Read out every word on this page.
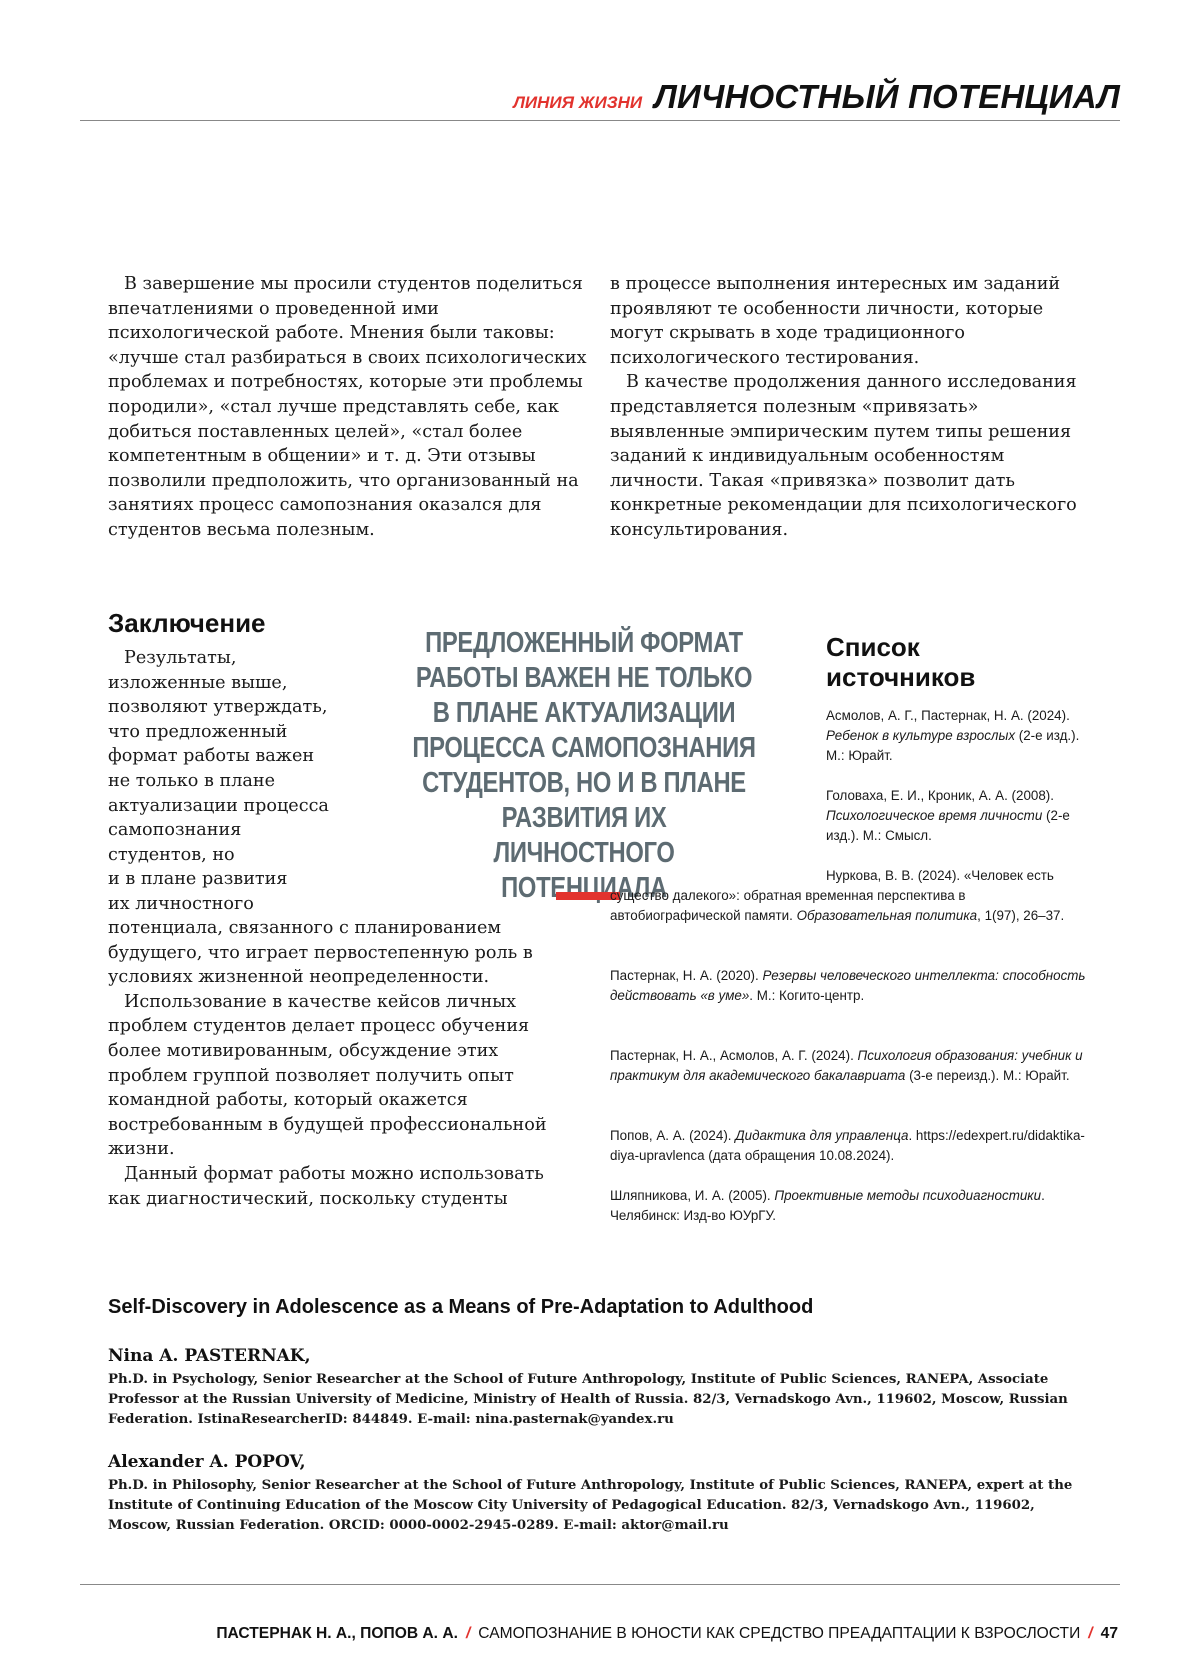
ЛИНИЯ ЖИЗНИ ЛИЧНОСТНЫЙ ПОТЕНЦИАЛ

В завершение мы просили студентов поделиться впечатлениями о проведенной ими психологической работе. Мнения были таковы: «лучше стал разбираться в своих психологических проблемах и потребностях, которые эти проблемы породили», «стал лучше представлять себе, как добиться поставленных целей», «стал более компетентным в общении» и т. д. Эти отзывы позволили предположить, что организованный на занятиях процесс самопознания оказался для студентов весьма полезным.

Заключение
Результаты,
изложенные выше,
позволяют утверждать,
что предложенный
формат работы важен
не только в плане
актуализации процесса
самопознания
студентов, но
и в плане развития
их личностного

потенциала, связанного с планированием будущего, что играет первостепенную роль в условиях жизненной неопределенности.

Использование в качестве кейсов личных проблем студентов делает процесс обучения более мотивированным, обсуждение этих проблем группой позволяет получить опыт командной работы, который окажется востребованным в будущей профессиональной жизни.

Данный формат работы можно использовать как диагностический, поскольку студенты

в процессе выполнения интересных им заданий проявляют те особенности личности, которые могут скрывать в ходе традиционного психологического тестирования.

В качестве продолжения данного исследования представляется полезным «привязать» выявленные эмпирическим путем типы решения заданий к индивидуальным особенностям личности. Такая «привязка» позволит дать конкретные рекомендации для психологического консультирования.

ПРЕДЛОЖЕННЫЙ ФОРМАТ РАБОТЫ ВАЖЕН НЕ ТОЛЬКО В ПЛАНЕ АКТУАЛИЗАЦИИ ПРОЦЕССА САМОПОЗНАНИЯ СТУДЕНТОВ, НО И В ПЛАНЕ РАЗВИТИЯ ИХ ЛИЧНОСТНОГО ПОТЕНЦИАЛА
Список источников
Асмолов, А. Г., Пастернак, Н. А. (2024). Ребенок в культуре взрослых (2-е изд.). М.: Юрайт.
Головаха, Е. И., Кроник, А. А. (2008). Психологическое время личности (2-е изд.). М.: Смысл.
Нуркова, В. В. (2024). «Человек есть существо далекого»: обратная временная перспектива в автобиографической памяти. Образовательная политика, 1(97), 26–37.
Пастернак, Н. А. (2020). Резервы человеческого интеллекта: способность действовать «в уме». М.: Когито-центр.
Пастернак, Н. А., Асмолов, А. Г. (2024). Психология образования: учебник и практикум для академического бакалавриата (3-е переизд.). М.: Юрайт.
Попов, А. А. (2024). Дидактика для управленца. https://edexpert.ru/didaktika-diya-upravlenca (дата обращения 10.08.2024).
Шляпникова, И. А. (2005). Проективные методы психодиагностики. Челябинск: Изд-во ЮУрГУ.
Self-Discovery in Adolescence as a Means of Pre-Adaptation to Adulthood
Nina A. PASTERNAK,
Ph.D. in Psychology, Senior Researcher at the School of Future Anthropology, Institute of Public Sciences, RANEPA, Associate Professor at the Russian University of Medicine, Ministry of Health of Russia. 82/3, Vernadskogo Avn., 119602, Moscow, Russian Federation. IstinaResearcherID: 844849. E-mail: nina.pasternak@yandex.ru
Alexander A. POPOV,
Ph.D. in Philosophy, Senior Researcher at the School of Future Anthropology, Institute of Public Sciences, RANEPA, expert at the Institute of Continuing Education of the Moscow City University of Pedagogical Education. 82/3, Vernadskogo Avn., 119602, Moscow, Russian Federation. ORCID: 0000-0002-2945-0289. E-mail: aktor@mail.ru
ПАСТЕРНАК Н. А., ПОПОВ А. А. / САМОПОЗНАНИЕ В ЮНОСТИ КАК СРЕДСТВО ПРЕАДАПТАЦИИ К ВЗРОСЛОСТИ / 47
